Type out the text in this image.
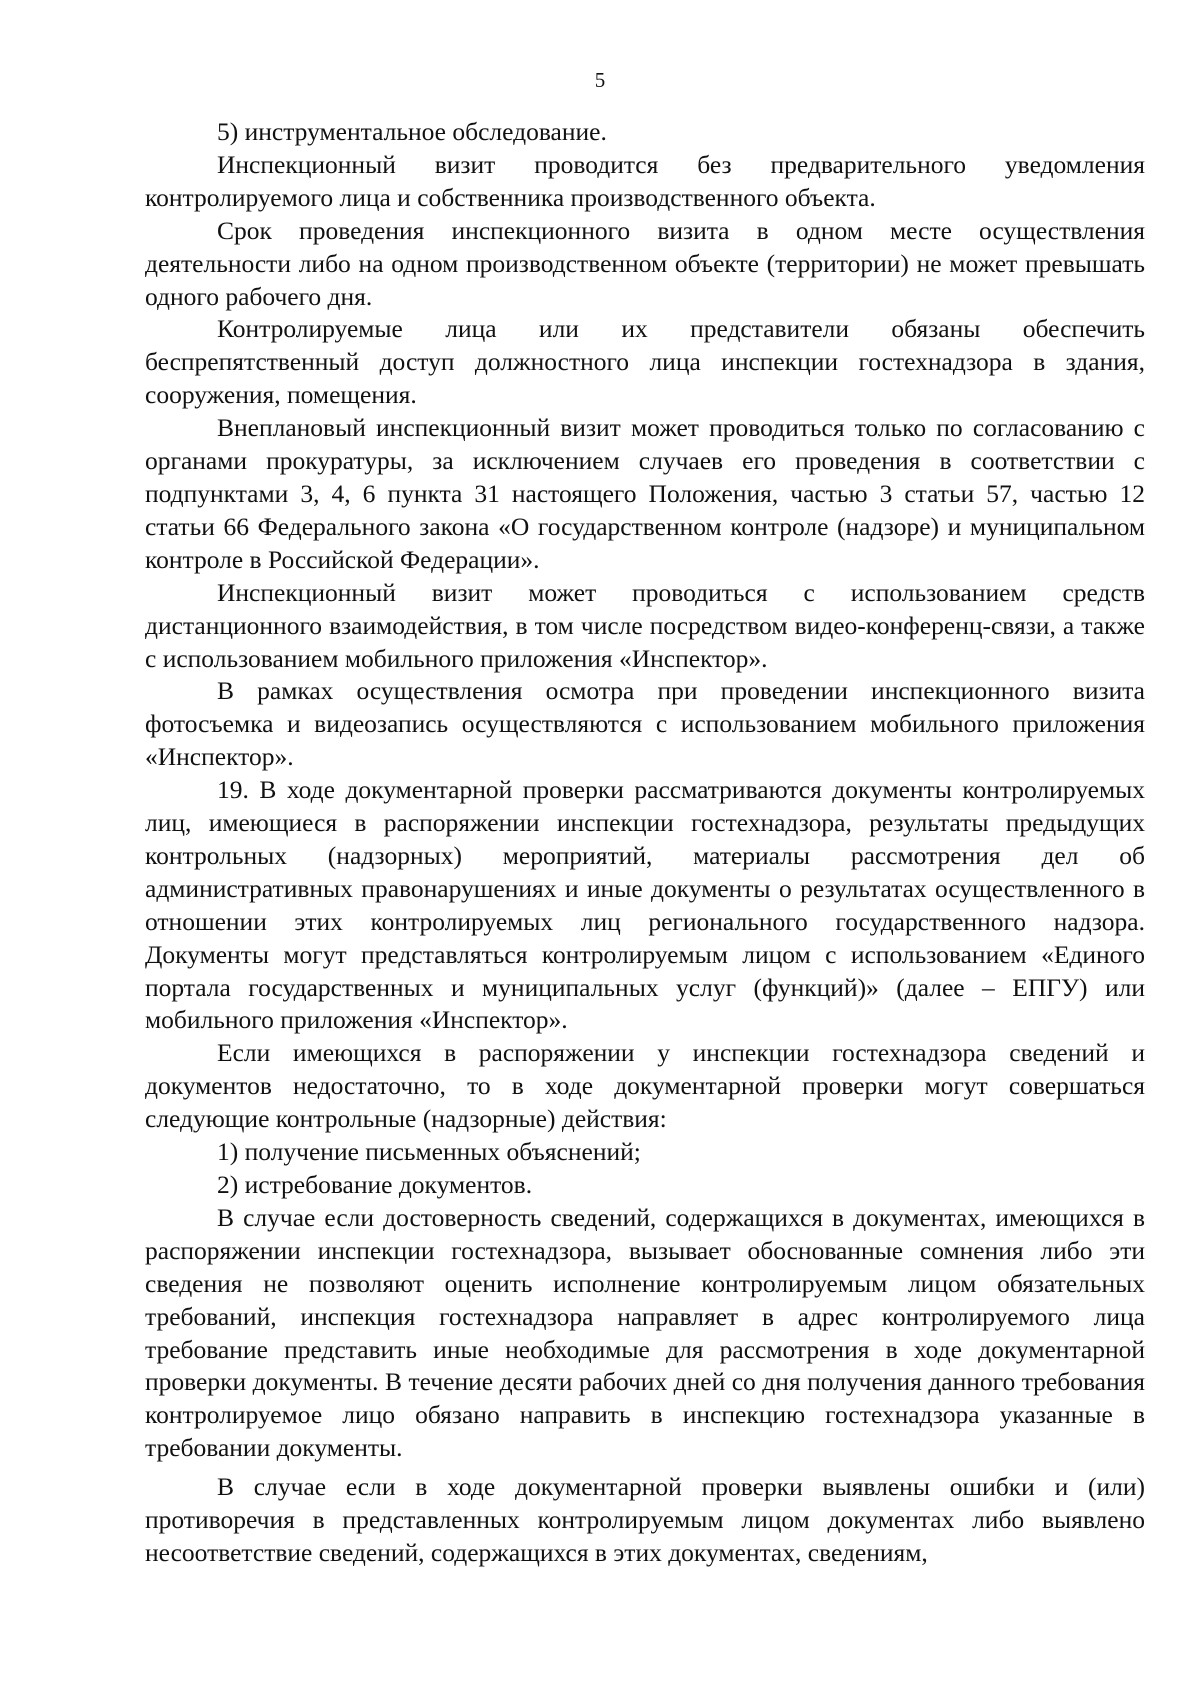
5

5) инструментальное обследование.

Инспекционный визит проводится без предварительного уведомления контролируемого лица и собственника производственного объекта.

Срок проведения инспекционного визита в одном месте осуществления деятельности либо на одном производственном объекте (территории) не может превышать одного рабочего дня.

Контролируемые лица или их представители обязаны обеспечить беспрепятственный доступ должностного лица инспекции гостехнадзора в здания, сооружения, помещения.

Внеплановый инспекционный визит может проводиться только по согласованию с органами прокуратуры, за исключением случаев его проведения в соответствии с подпунктами 3, 4, 6 пункта 31 настоящего Положения, частью 3 статьи 57, частью 12 статьи 66 Федерального закона «О государственном контроле (надзоре) и муниципальном контроле в Российской Федерации».

Инспекционный визит может проводиться с использованием средств дистанционного взаимодействия, в том числе посредством видео-конференц-связи, а также с использованием мобильного приложения «Инспектор».

В рамках осуществления осмотра при проведении инспекционного визита фотосъемка и видеозапись осуществляются с использованием мобильного приложения «Инспектор».

19. В ходе документарной проверки рассматриваются документы контролируемых лиц, имеющиеся в распоряжении инспекции гостехнадзора, результаты предыдущих контрольных (надзорных) мероприятий, материалы рассмотрения дел об административных правонарушениях и иные документы о результатах осуществленного в отношении этих контролируемых лиц регионального государственного надзора. Документы могут представляться контролируемым лицом с использованием «Единого портала государственных и муниципальных услуг (функций)» (далее – ЕПГУ) или мобильного приложения «Инспектор».

Если имеющихся в распоряжении у инспекции гостехнадзора сведений и документов недостаточно, то в ходе документарной проверки могут совершаться следующие контрольные (надзорные) действия:

1) получение письменных объяснений;

2) истребование документов.

В случае если достоверность сведений, содержащихся в документах, имеющихся в распоряжении инспекции гостехнадзора, вызывает обоснованные сомнения либо эти сведения не позволяют оценить исполнение контролируемым лицом обязательных требований, инспекция гостехнадзора направляет в адрес контролируемого лица требование представить иные необходимые для рассмотрения в ходе документарной проверки документы. В течение десяти рабочих дней со дня получения данного требования контролируемое лицо обязано направить в инспекцию гостехнадзора указанные в требовании документы.

В случае если в ходе документарной проверки выявлены ошибки и (или) противоречия в представленных контролируемым лицом документах либо выявлено несоответствие сведений, содержащихся в этих документах, сведениям,
